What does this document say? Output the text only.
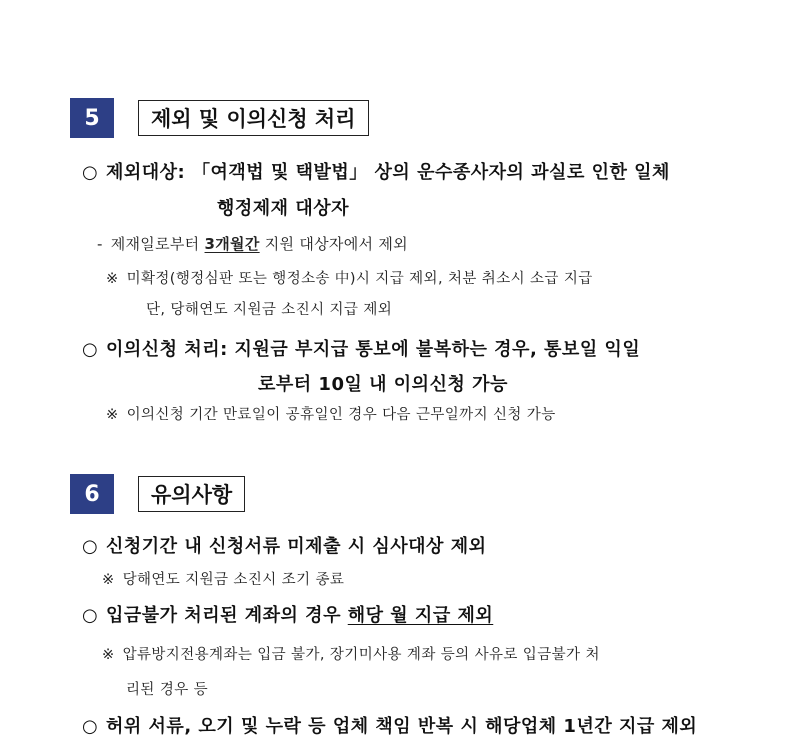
5	제외 및 이의신청 처리
○ 제외대상: 「여객법 및 택발법」 상의 운수종사자의 과실로 인한 일체
행정제재 대상자
- 제재일로부터 3개월간 지원 대상자에서 제외
※ 미확정(행정심판 또는 행정소송 中)시 지급 제외, 처분 취소시 소급 지급
단, 당해연도 지원금 소진시 지급 제외
○ 이의신청 처리: 지원금 부지급 통보에 불복하는 경우, 통보일 익일
로부터 10일 내 이의신청 가능
※ 이의신청 기간 만료일이 공휴일인 경우 다음 근무일까지 신청 가능
6	유의사항
○ 신청기간 내 신청서류 미제출 시 심사대상 제외
※ 당해연도 지원금 소진시 조기 종료
○ 입금불가 처리된 계좌의 경우 해당 월 지급 제외
※ 압류방지전용계좌는 입금 불가, 장기미사용 계좌 등의 사유로 입금불가 처
리된 경우 등
○ 허위 서류, 오기 및 누락 등 업체 책임 반복 시 해당업체 1년간 지급 제외
